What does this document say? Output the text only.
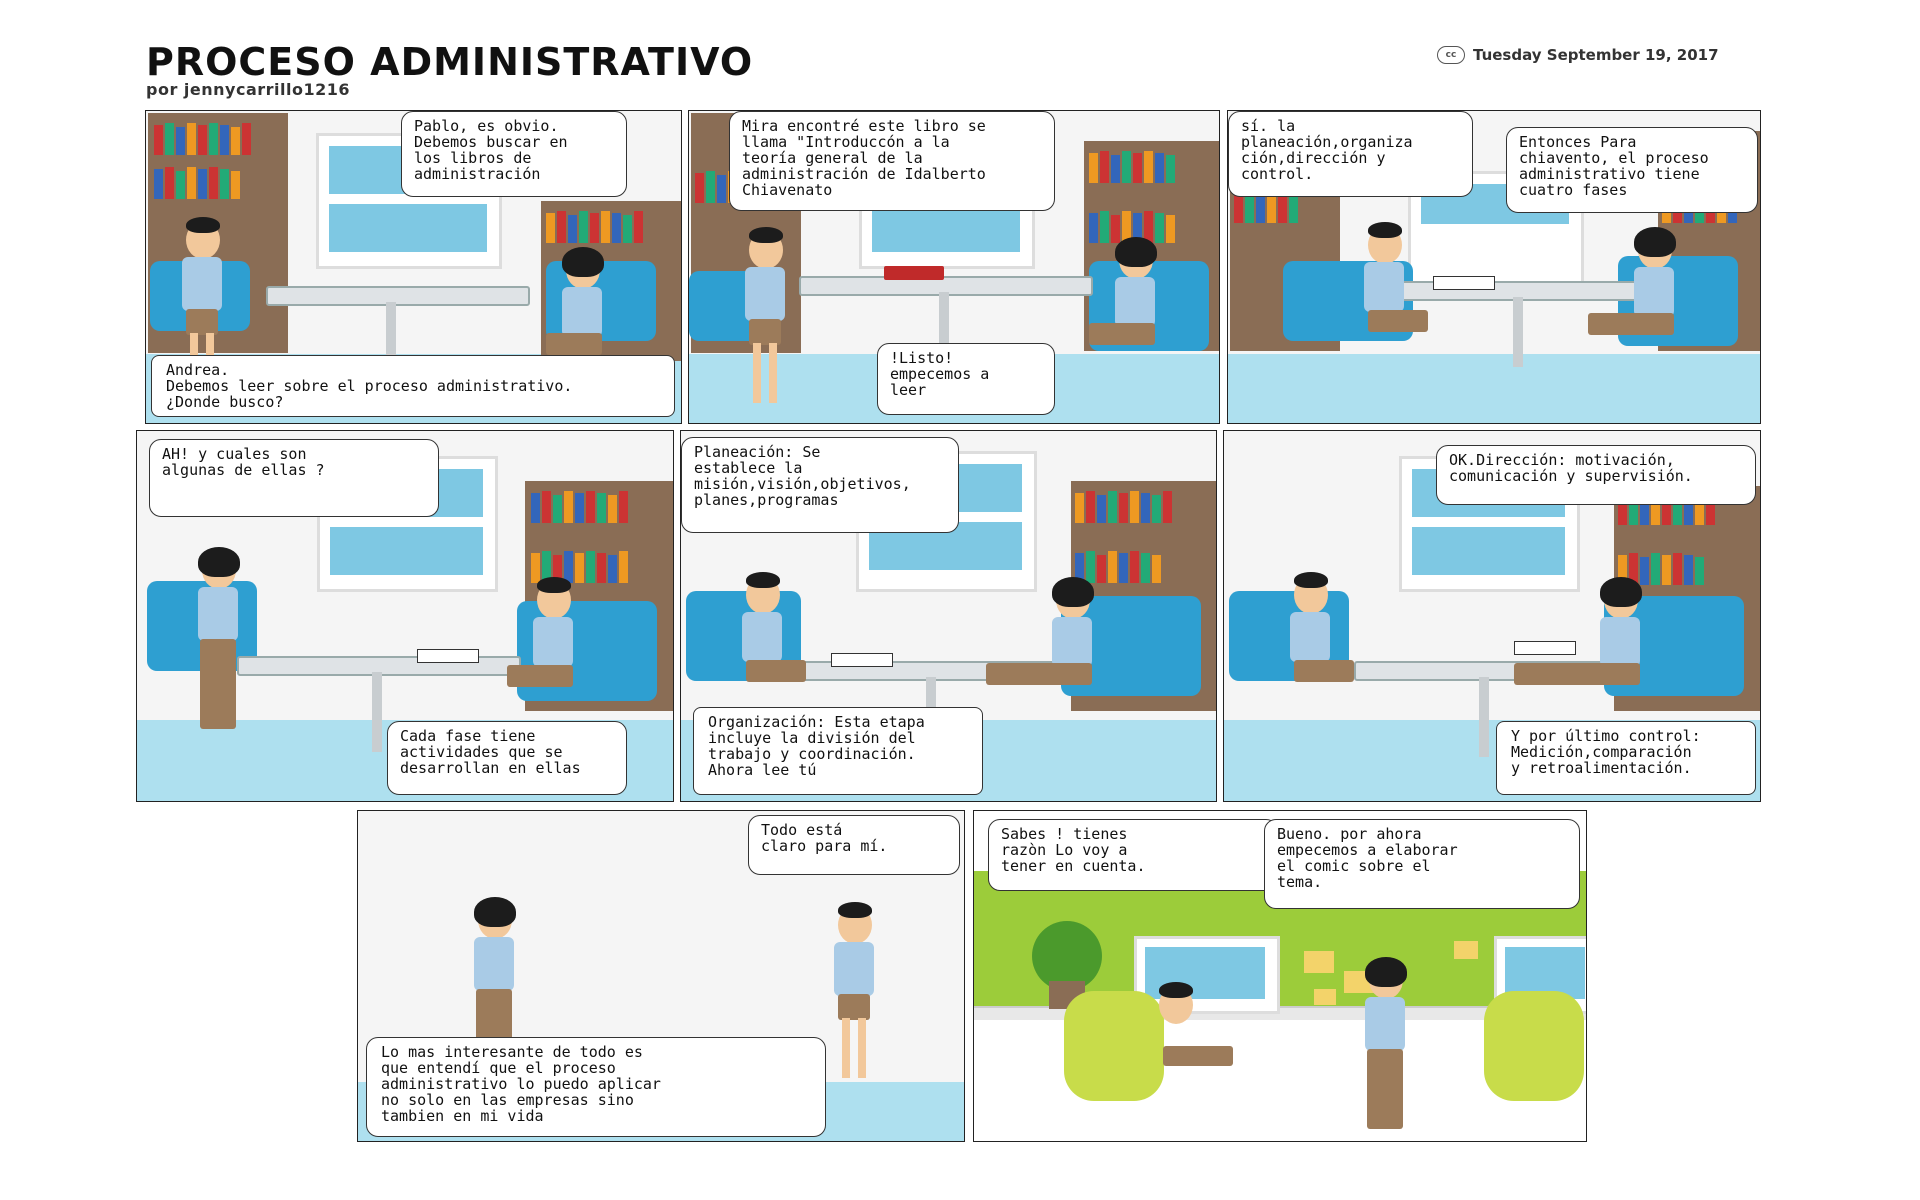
PROCESO ADMINISTRATIVO
por jennycarrillo1216
cc	Tuesday September 19, 2017
Pablo, es obvio.
Debemos buscar en
los libros de
administración
Andrea.
Debemos leer sobre el proceso administrativo.
¿Donde busco?
Mira encontré este libro se
llama "Introduccón a la
teoría general de la
administración de Idalberto
Chiavenato
!Listo!
empecemos a
leer
sí. la
planeación,organiza
ción,dirección y
control.
Entonces Para
chiavento, el proceso
administrativo tiene
cuatro fases
AH! y cuales son
algunas de ellas ?
Cada fase tiene
actividades que se
desarrollan en ellas
Planeación: Se
establece la
misión,visión,objetivos,
planes,programas
Organización: Esta etapa
incluye la división del
trabajo y coordinación.
Ahora lee tú
OK.Dirección: motivación,
comunicación y supervisión.
Y por último control:
Medición,comparación
y retroalimentación.
Todo está
claro para mí.
Lo mas interesante de todo es
que entendí que el proceso
administrativo lo puedo aplicar
no solo en las empresas sino
tambien en mi vida
Sabes ! tienes
razòn Lo voy a
tener en cuenta.
Bueno. por ahora
empecemos a elaborar
el comic sobre el
tema.
